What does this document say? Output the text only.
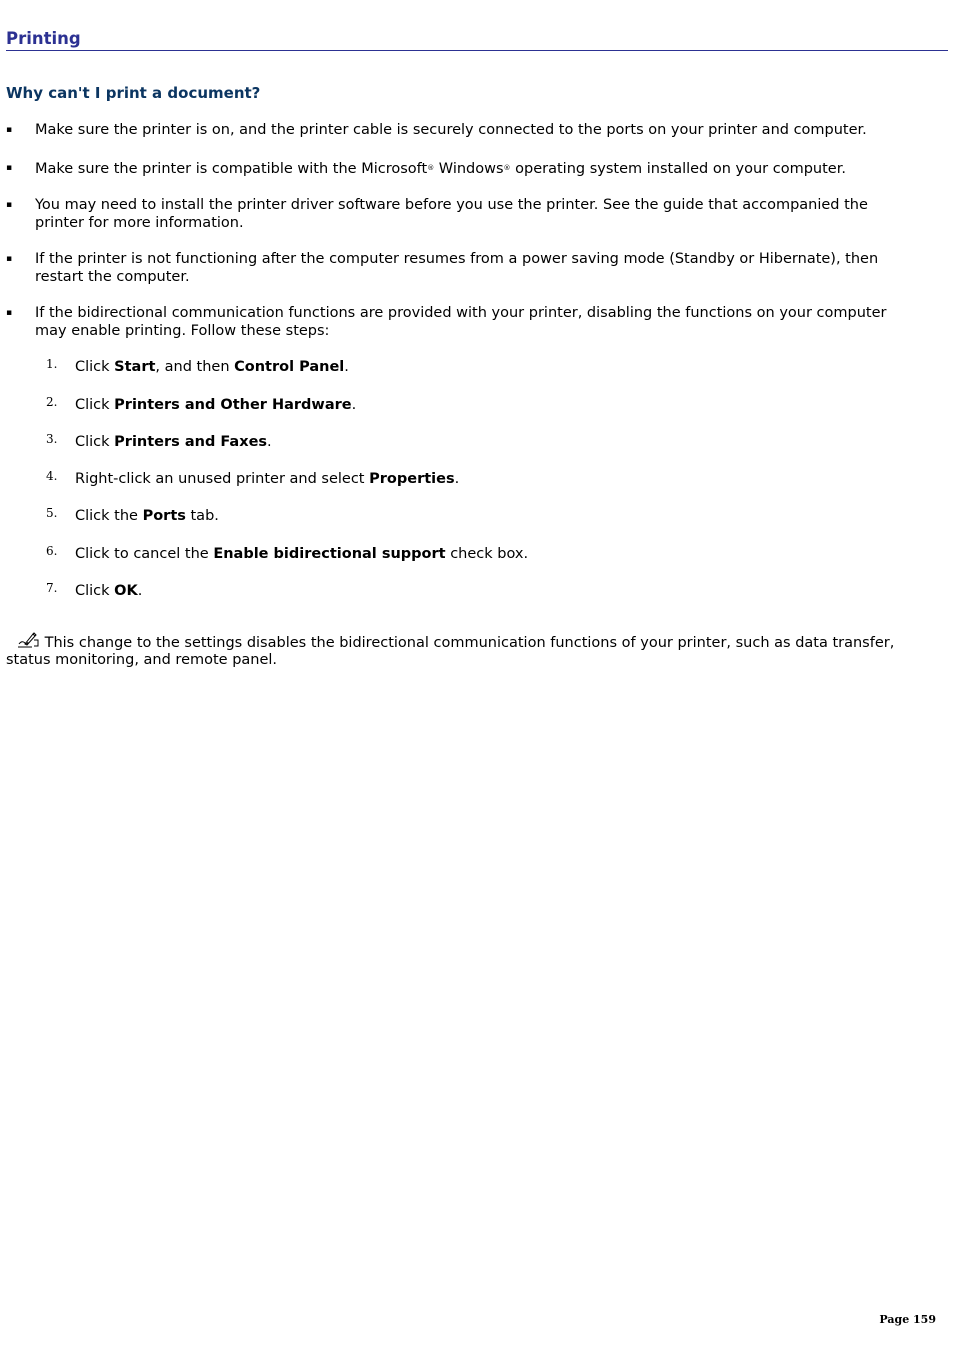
Printing
Why can't I print a document?
▪ Make sure the printer is on, and the printer cable is securely connected to the ports on your printer and computer.
▪ Make sure the printer is compatible with the Microsoft® Windows® operating system installed on your computer.
▪ You may need to install the printer driver software before you use the printer. See the guide that accompanied the printer for more information.
▪ If the printer is not functioning after the computer resumes from a power saving mode (Standby or Hibernate), then restart the computer.
▪ If the bidirectional communication functions are provided with your printer, disabling the functions on your computer may enable printing. Follow these steps:
1. Click Start, and then Control Panel.
2. Click Printers and Other Hardware.
3. Click Printers and Faxes.
4. Right-click an unused printer and select Properties.
5. Click the Ports tab.
6. Click to cancel the Enable bidirectional support check box.
7. Click OK.
This change to the settings disables the bidirectional communication functions of your printer, such as data transfer, status monitoring, and remote panel.
Page 159
